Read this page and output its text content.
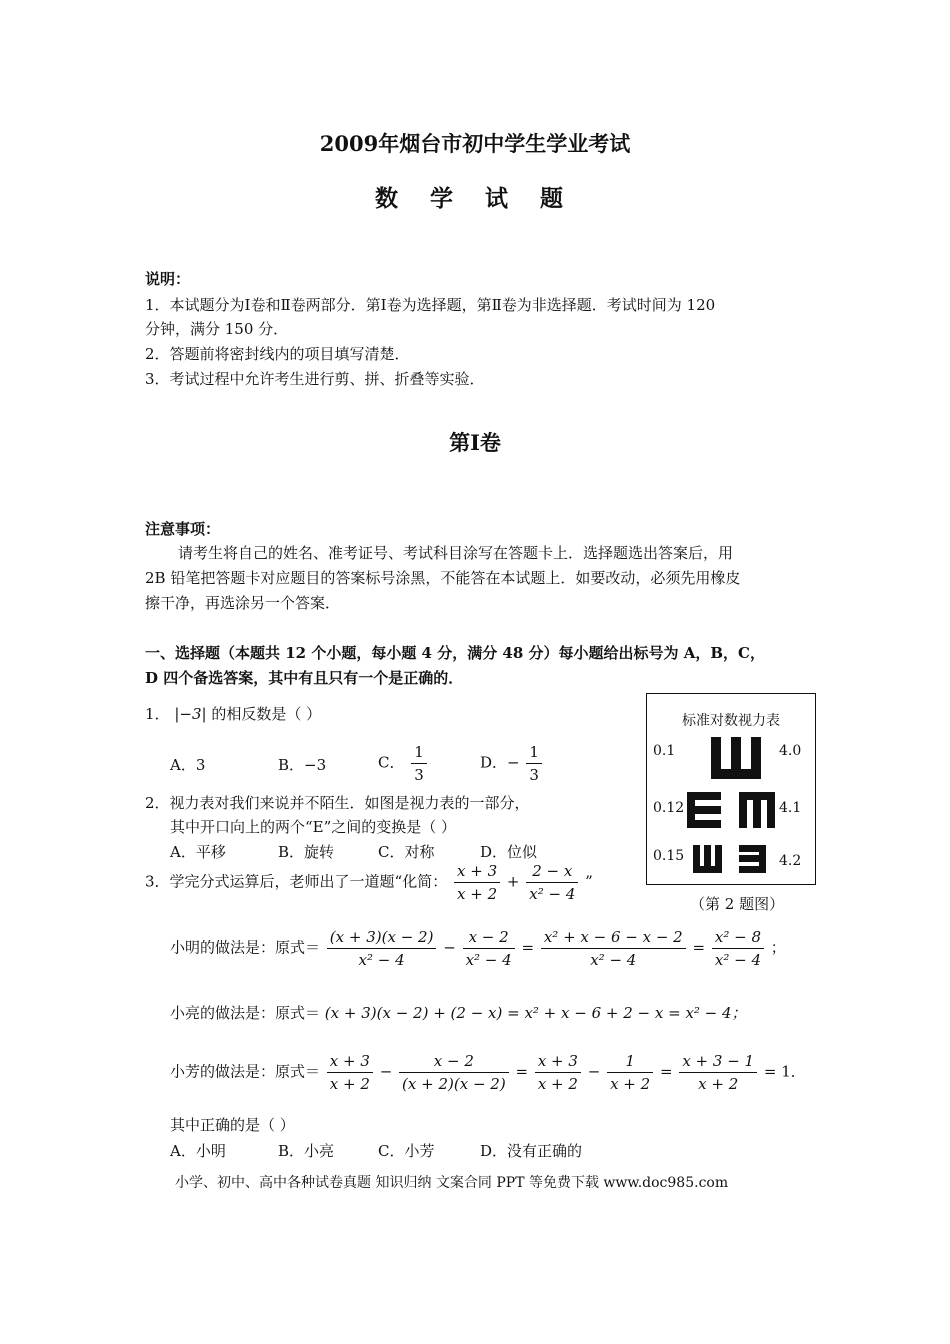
2009年烟台市初中学生学业考试
数 学 试 题
说明：
1．本试题分为Ⅰ卷和Ⅱ卷两部分．第Ⅰ卷为选择题，第Ⅱ卷为非选择题．考试时间为 120
分钟，满分 150 分．
2．答题前将密封线内的项目填写清楚．
3．考试过程中允许考生进行剪、拼、折叠等实验．
第Ⅰ卷
注意事项：
请考生将自己的姓名、准考证号、考试科目涂写在答题卡上．选择题选出答案后，用
2B 铅笔把答题卡对应题目的答案标号涂黑，不能答在本试题上．如要改动，必须先用橡皮
擦干净，再选涂另一个答案．
一、选择题（本题共 12 个小题，每小题 4 分，满分 48 分）每小题给出标号为 A，B，C，
D 四个备选答案，其中有且只有一个是正确的．
1． |−3| 的相反数是（ ）
A．3	B．−3	C． $\frac{1}{3}$	D．− $\frac{1}{3}$
2．视力表对我们来说并不陌生．如图是视力表的一部分，
其中开口向上的两个“E”之间的变换是（ ）
A．平移	B．旋转	C．对称	D．位似
标准对数视力表
0.1	4.0
0.12	4.1
0.15	4.2
（第 2 题图）
3．学完分式运算后，老师出了一道题“化简： $\frac{x + 3}{x + 2} + \frac{2 - x}{\text{x² − 4}}$ ”
小明的做法是：原式＝ $\frac{(x + 3)(x - 2)}{\text{x² − 4}} - \frac{x - 2}{\text{x² − 4}} = \frac{\text{x² + x − 6 − x − 2}}{\text{x² − 4}} = \frac{\text{x² − 8}}{\text{x² − 4}}$ ；
小亮的做法是：原式＝ (x + 3)(x − 2) + (2 − x) = x² + x − 6 + 2 − x = x² − 4；
小芳的做法是：原式＝ $\frac{x + 3}{x + 2} - \frac{x - 2}{(x + 2)(x - 2)} = \frac{x + 3}{x + 2} - \frac{1}{x + 2} = \frac{x + 3 - 1}{x + 2} = 1$．
其中正确的是（ ）
A．小明	B．小亮	C．小芳	D．没有正确的
小学、初中、高中各种试卷真题 知识归纳 文案合同 PPT 等免费下载 www.doc985.com
